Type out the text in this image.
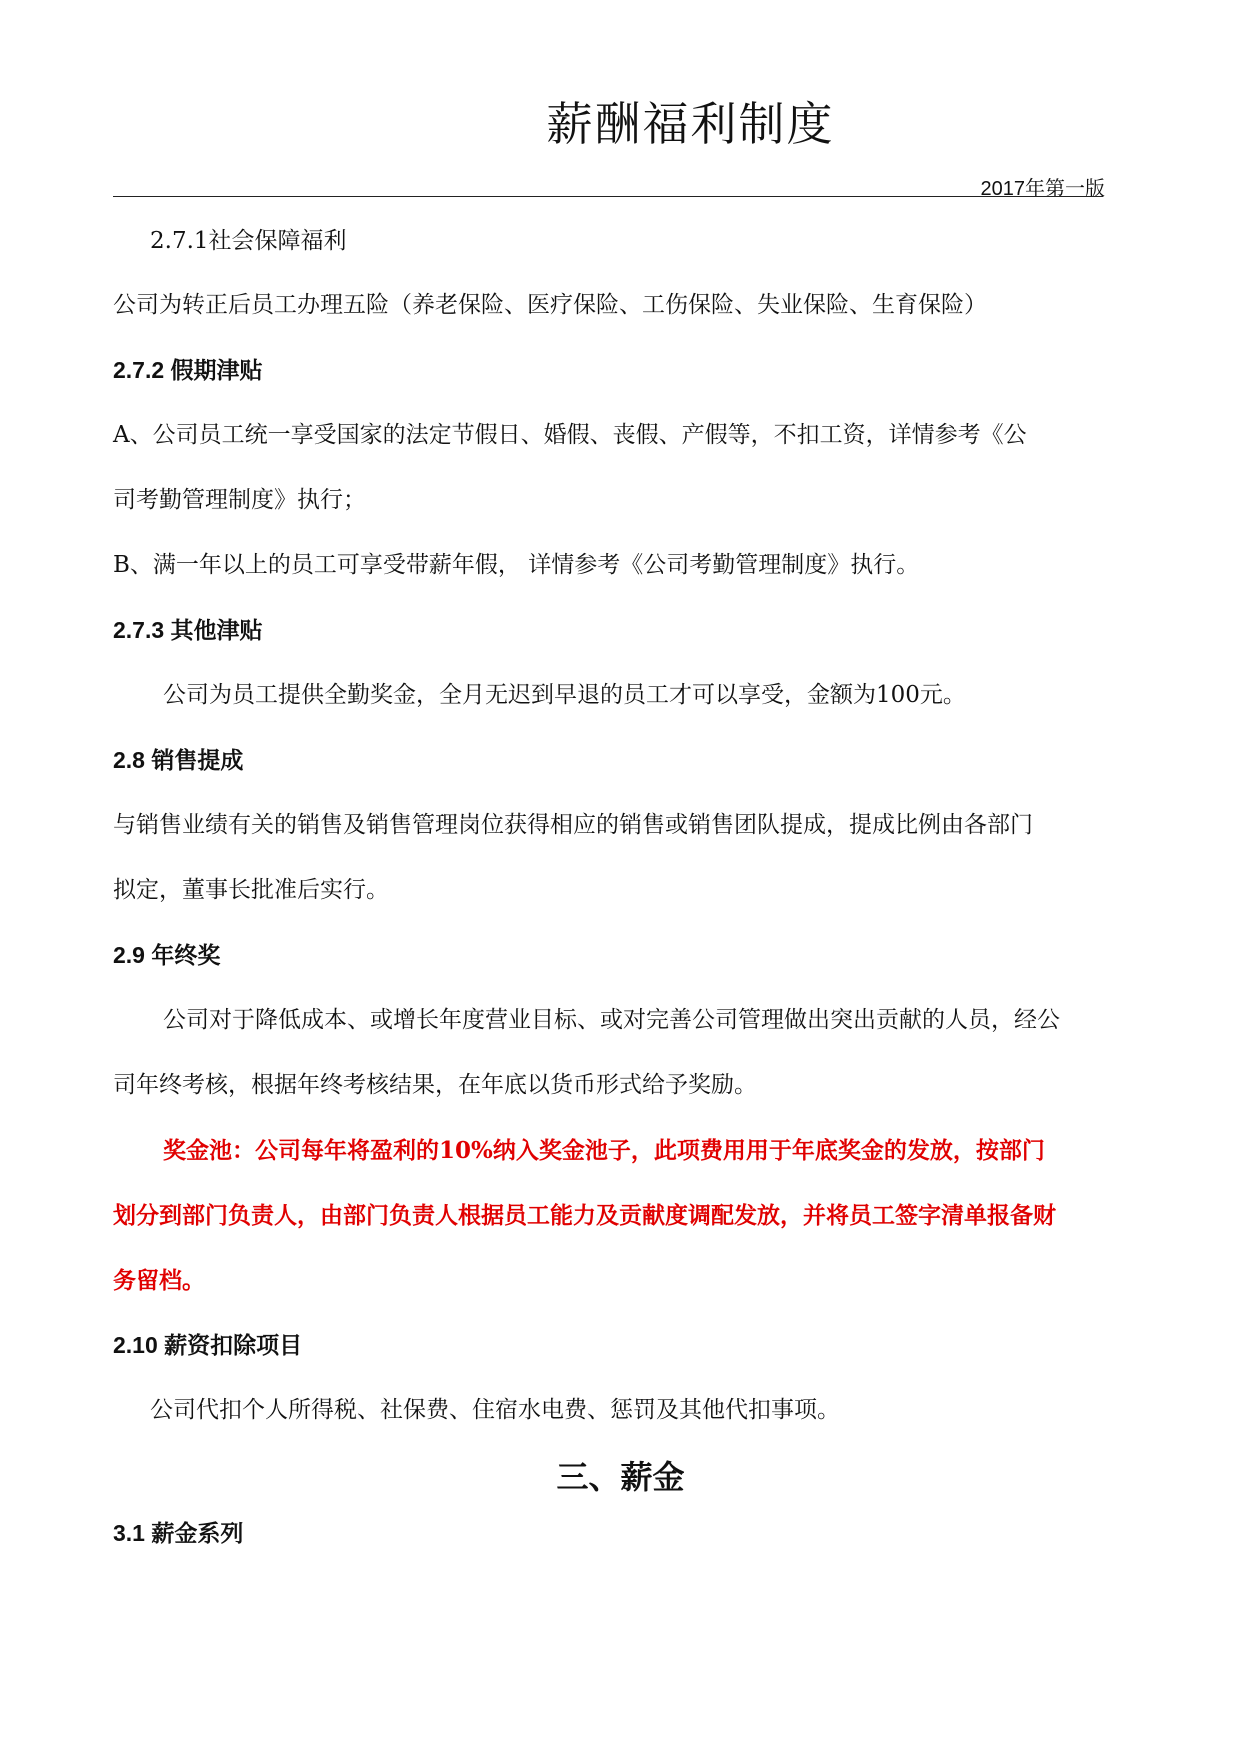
薪酬福利制度
2017年第一版
2.7.1社会保障福利
公司为转正后员工办理五险（养老保险、医疗保险、工伤保险、失业保险、生育保险）
2.7.2 假期津贴
A、公司员工统一享受国家的法定节假日、婚假、丧假、产假等，不扣工资，详情参考《公
司考勤管理制度》执行；
B、满一年以上的员工可享受带薪年假， 详情参考《公司考勤管理制度》执行。
2.7.3 其他津贴
公司为员工提供全勤奖金，全月无迟到早退的员工才可以享受，金额为100元。
2.8 销售提成
与销售业绩有关的销售及销售管理岗位获得相应的销售或销售团队提成，提成比例由各部门
拟定，董事长批准后实行。
2.9 年终奖
公司对于降低成本、或增长年度营业目标、或对完善公司管理做出突出贡献的人员，经公
司年终考核，根据年终考核结果，在年底以货币形式给予奖励。
奖金池：公司每年将盈利的10%纳入奖金池子，此项费用用于年底奖金的发放，按部门
划分到部门负责人，由部门负责人根据员工能力及贡献度调配发放，并将员工签字清单报备财
务留档。
2.10 薪资扣除项目
公司代扣个人所得税、社保费、住宿水电费、惩罚及其他代扣事项。
三、薪金
3.1 薪金系列
